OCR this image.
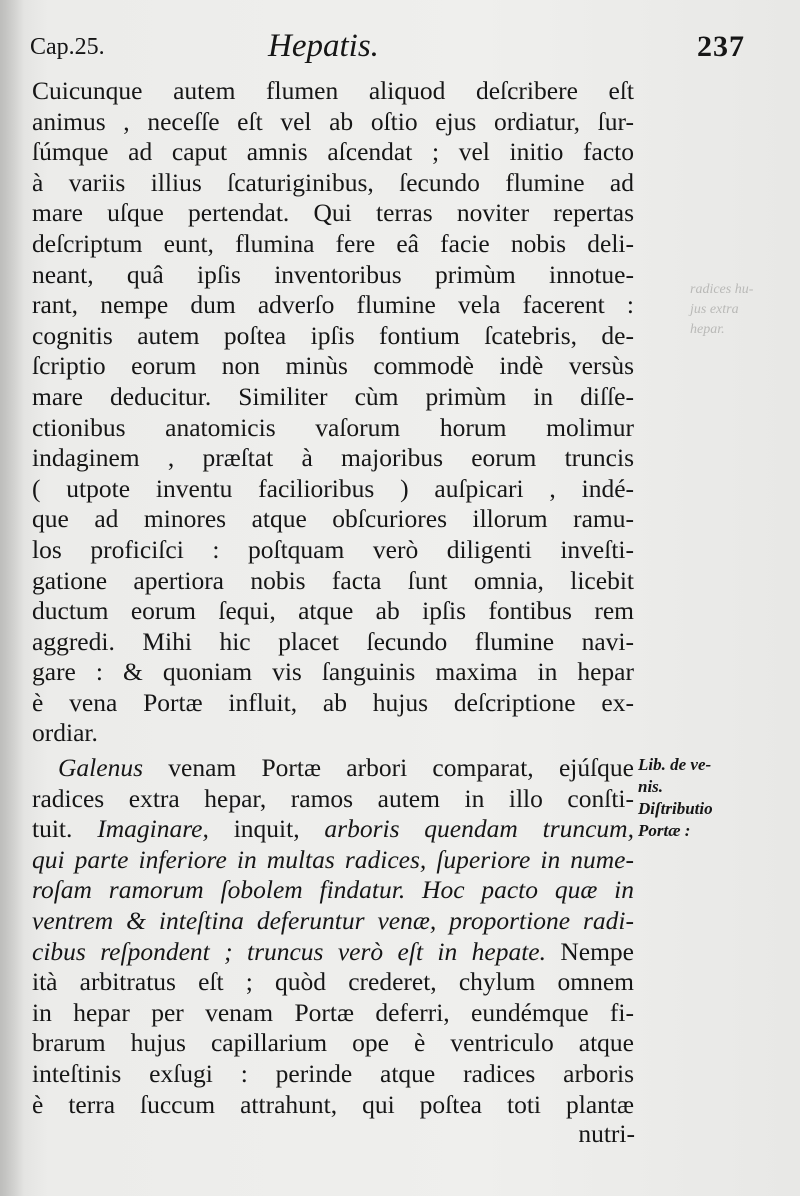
radices hu-
jus extra
hepar.
Cap.25.	Hepatis.	237
Cuicunque autem flumen aliquod deſcribere eſt
animus , neceſſe eſt vel ab oſtio ejus ordiatur, ſur-
ſúmque ad caput amnis aſcendat ; vel initio facto
à variis illius ſcaturiginibus, ſecundo flumine ad
mare uſque pertendat. Qui terras noviter repertas
deſcriptum eunt, flumina fere eâ facie nobis deli-
neant, quâ ipſis inventoribus primùm innotue-
rant, nempe dum adverſo flumine vela facerent :
cognitis autem poſtea ipſis fontium ſcatebris, de-
ſcriptio eorum non minùs commodè indè versùs
mare deducitur. Similiter cùm primùm in diſſe-
ctionibus anatomicis vaſorum horum molimur
indaginem , præſtat à majoribus eorum truncis
( utpote inventu facilioribus ) auſpicari , indé-
que ad minores atque obſcuriores illorum ramu-
los proficiſci : poſtquam verò diligenti inveſti-
gatione apertiora nobis facta ſunt omnia, licebit
ductum eorum ſequi, atque ab ipſis fontibus rem
aggredi. Mihi hic placet ſecundo flumine navi-
gare : & quoniam vis ſanguinis maxima in hepar
è vena Portæ influit, ab hujus deſcriptione ex-
ordiar.
Galenus venam Portæ arbori comparat, ejúſque
radices extra hepar, ramos autem in illo conſti-
tuit. Imaginare, inquit, arboris quendam truncum,
qui parte inferiore in multas radices, ſuperiore in nume-
roſam ramorum ſobolem findatur. Hoc pacto quæ in
ventrem & inteſtina deferuntur venæ, proportione radi-
cibus reſpondent ; truncus verò eſt in hepate. Nempe
ità arbitratus eſt ; quòd crederet, chylum omnem
in hepar per venam Portæ deferri, eundémque fi-
brarum hujus capillarium ope è ventriculo atque
inteſtinis exſugi : perinde atque radices arboris
è terra ſuccum attrahunt, qui poſtea toti plantæ
Lib. de ve-
nis.
Diſtributio
Portæ :
nutri-
